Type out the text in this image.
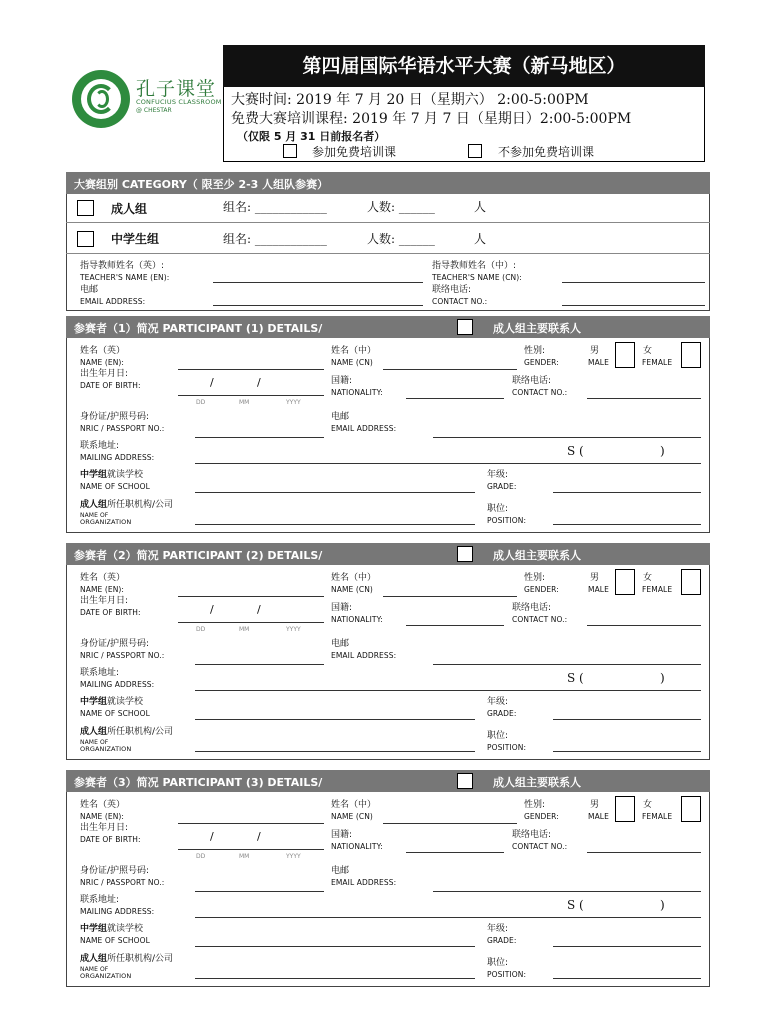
孔子课堂
CONFUCIUS CLASSROOM
@ CHESTAR
第四届国际华语水平大赛（新马地区）
大赛时间: 2019 年 7 月 20 日（星期六） 2:00-5:00PM
免费大赛培训课程: 2019 年 7 月 7 日（星期日）2:00-5:00PM
（仅限 5 月 31 日前报名者）
参加免费培训课	不参加免费培训课
大赛组别 CATEGORY（ 限至少 2-3 人组队参赛）
成人组	组名: ____________	人数: ______	人
中学生组	组名: ____________	人数: ______	人
指导教师姓名（英）:
TEACHER'S NAME (EN):
指导教师姓名（中）:
TEACHER'S NAME (CN):
电邮
EMAIL ADDRESS:
联络电话:
CONTACT NO.:
参赛者（1）简况 PARTICIPANT (1) DETAILS/	成人组主要联系人
姓名（英）
NAME (EN):
姓名（中）
NAME (CN)
性别:
GENDER:
男
MALE
女
FEMALE
出生年月日:
DATE OF BIRTH:	/	/
DD	MM	YYYY
国籍:
NATIONALITY:
联络电话:
CONTACT NO.:
身份证/护照号码:
NRIC / PASSPORT NO.:
电邮
EMAIL ADDRESS:
联系地址:
MAILING ADDRESS:	S (                    )
中学组就读学校
NAME OF SCHOOL
年级:
GRADE:
成人组所任职机构/公司
NAME OF
ORGANIZATION
职位:
POSITION:
参赛者（2）简况 PARTICIPANT (2) DETAILS/	成人组主要联系人
姓名（英）
NAME (EN):
姓名（中）
NAME (CN)
性别:
GENDER:
男
MALE
女
FEMALE
出生年月日:
DATE OF BIRTH:	/	/
DD	MM	YYYY
国籍:
NATIONALITY:
联络电话:
CONTACT NO.:
身份证/护照号码:
NRIC / PASSPORT NO.:
电邮
EMAIL ADDRESS:
联系地址:
MAILING ADDRESS:	S (                    )
中学组就读学校
NAME OF SCHOOL
年级:
GRADE:
成人组所任职机构/公司
NAME OF
ORGANIZATION
职位:
POSITION:
参赛者（3）简况 PARTICIPANT (3) DETAILS/	成人组主要联系人
姓名（英）
NAME (EN):
姓名（中）
NAME (CN)
性别:
GENDER:
男
MALE
女
FEMALE
出生年月日:
DATE OF BIRTH:	/	/
DD	MM	YYYY
国籍:
NATIONALITY:
联络电话:
CONTACT NO.:
身份证/护照号码:
NRIC / PASSPORT NO.:
电邮
EMAIL ADDRESS:
联系地址:
MAILING ADDRESS:	S (                    )
中学组就读学校
NAME OF SCHOOL
年级:
GRADE:
成人组所任职机构/公司
NAME OF
ORGANIZATION
职位:
POSITION:
